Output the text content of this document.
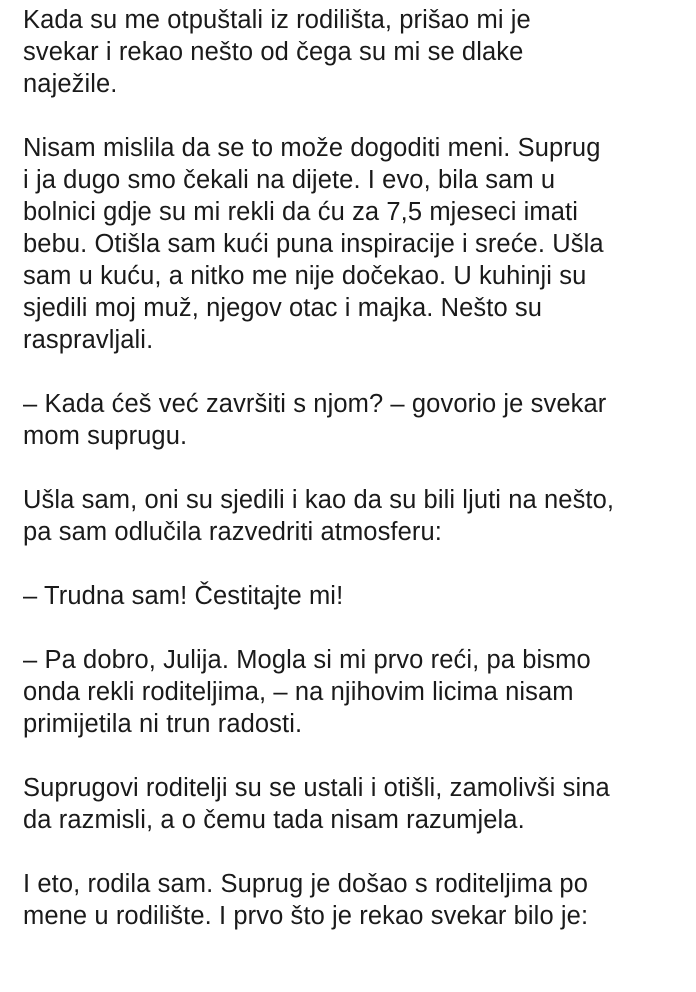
Kada su me otpuštali iz rodilišta, prišao mi je
svekar i rekao nešto od čega su mi se dlake
naježile.
Nisam mislila da se to može dogoditi meni. Suprug
i ja dugo smo čekali na dijete. I evo, bila sam u
bolnici gdje su mi rekli da ću za 7,5 mjeseci imati
bebu. Otišla sam kući puna inspiracije i sreće. Ušla
sam u kuću, a nitko me nije dočekao. U kuhinji su
sjedili moj muž, njegov otac i majka. Nešto su
raspravljali.
– Kada ćeš već završiti s njom? – govorio je svekar
mom suprugu.
Ušla sam, oni su sjedili i kao da su bili ljuti na nešto,
pa sam odlučila razvedriti atmosferu:
– Trudna sam! Čestitajte mi!
– Pa dobro, Julija. Mogla si mi prvo reći, pa bismo
onda rekli roditeljima, – na njihovim licima nisam
primijetila ni trun radosti.
Suprugovi roditelji su se ustali i otišli, zamolivši sina
da razmisli, a o čemu tada nisam razumjela.
I eto, rodila sam. Suprug je došao s roditeljima po
mene u rodilište. I prvo što je rekao svekar bilo je:
